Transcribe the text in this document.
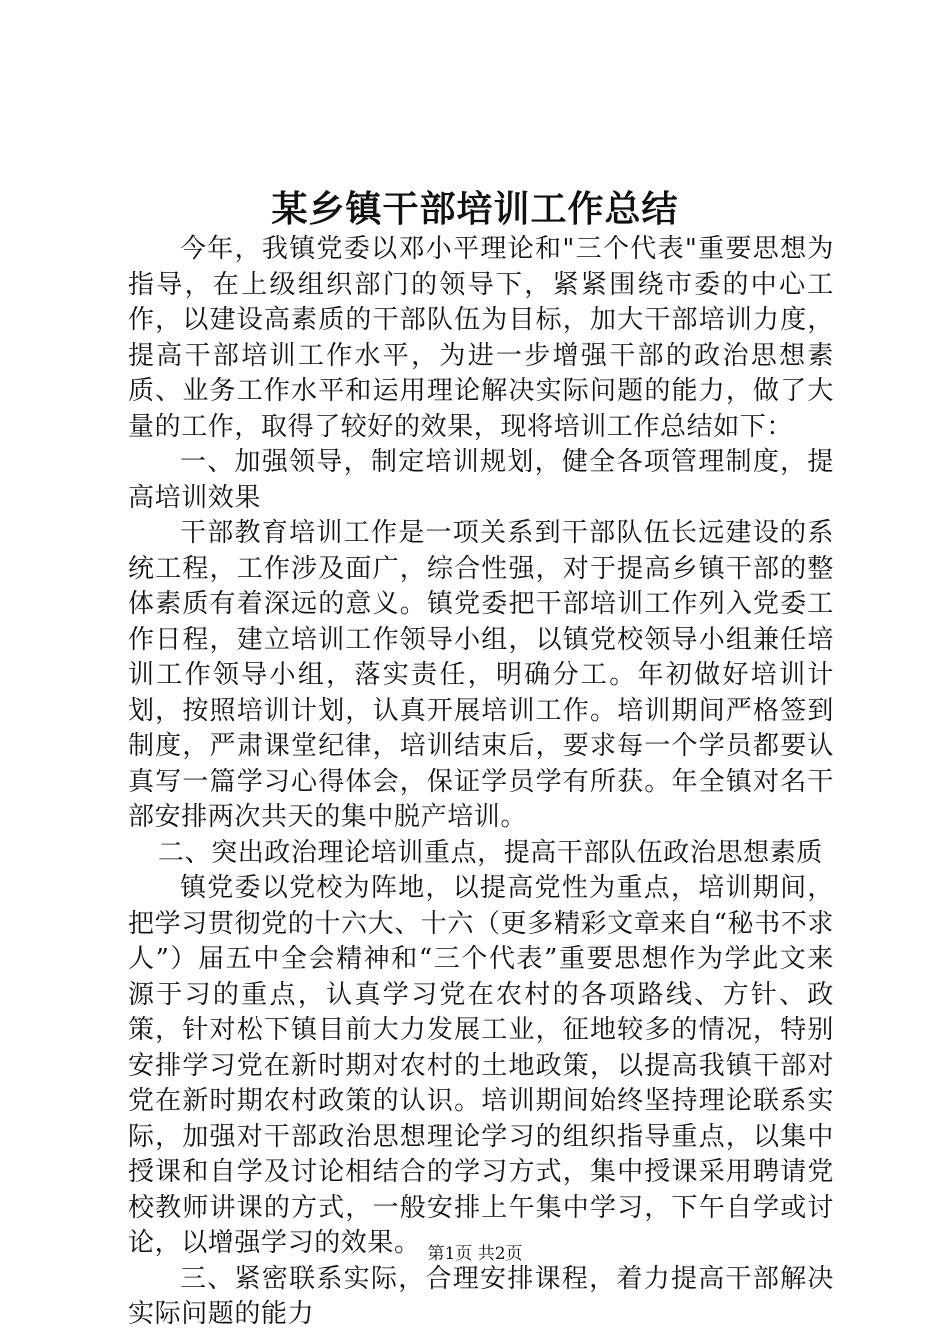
某乡镇干部培训工作总结

今年，我镇党委以邓小平理论和"三个代表"重要思想为指导，在上级组织部门的领导下，紧紧围绕市委的中心工作，以建设高素质的干部队伍为目标，加大干部培训力度，提高干部培训工作水平，为进一步增强干部的政治思想素质、业务工作水平和运用理论解决实际问题的能力，做了大量的工作，取得了较好的效果，现将培训工作总结如下：

一、加强领导，制定培训规划，健全各项管理制度，提高培训效果

干部教育培训工作是一项关系到干部队伍长远建设的系统工程，工作涉及面广，综合性强，对于提高乡镇干部的整体素质有着深远的意义。镇党委把干部培训工作列入党委工作日程，建立培训工作领导小组，以镇党校领导小组兼任培训工作领导小组，落实责任，明确分工。年初做好培训计划，按照培训计划，认真开展培训工作。培训期间严格签到制度，严肃课堂纪律，培训结束后，要求每一个学员都要认真写一篇学习心得体会，保证学员学有所获。年全镇对名干部安排两次共天的集中脱产培训。

二、突出政治理论培训重点，提高干部队伍政治思想素质

镇党委以党校为阵地，以提高党性为重点，培训期间，把学习贯彻党的十六大、十六（更多精彩文章来自“秘书不求人”）届五中全会精神和“三个代表”重要思想作为学此文来源于习的重点，认真学习党在农村的各项路线、方针、政策，针对松下镇目前大力发展工业，征地较多的情况，特别安排学习党在新时期对农村的土地政策，以提高我镇干部对党在新时期农村政策的认识。培训期间始终坚持理论联系实际，加强对干部政治思想理论学习的组织指导重点，以集中授课和自学及讨论相结合的学习方式，集中授课采用聘请党校教师讲课的方式，一般安排上午集中学习，下午自学或讨论，以增强学习的效果。

三、紧密联系实际，合理安排课程，着力提高干部解决实际问题的能力

第1页 共2页
